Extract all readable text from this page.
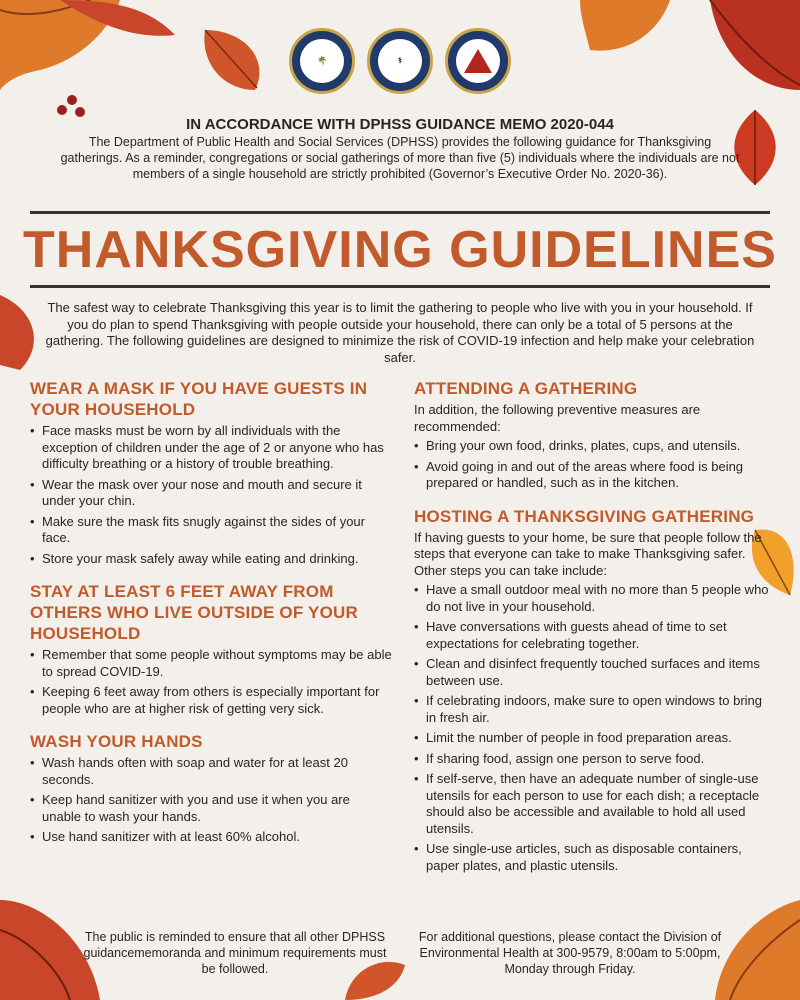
🌴	⚕
IN ACCORDANCE WITH DPHSS GUIDANCE MEMO 2020-044
The Department of Public Health and Social Services (DPHSS) provides the following guidance for Thanksgiving gatherings. As a reminder, congregations or social gatherings of more than five (5) individuals where the individuals are not members of a single household are strictly prohibited (Governor’s Executive Order No. 2020-36).
THANKSGIVING GUIDELINES
The safest way to celebrate Thanksgiving this year is to limit the gathering to people who live with you in your household. If you do plan to spend Thanksgiving with people outside your household, there can only be a total of 5 persons at the gathering. The following guidelines are designed to minimize the risk of COVID-19 infection and help make your celebration safer.
WEAR A MASK IF YOU HAVE GUESTS IN YOUR HOUSEHOLD
• Face masks must be worn by all individuals with the exception of children under the age of 2 or anyone who has difficulty breathing or a history of trouble breathing.
• Wear the mask over your nose and mouth and secure it under your chin.
• Make sure the mask fits snugly against the sides of your face.
• Store your mask safely away while eating and drinking.
STAY AT LEAST 6 FEET AWAY FROM OTHERS WHO LIVE OUTSIDE OF YOUR HOUSEHOLD
• Remember that some people without symptoms may be able to spread COVID-19.
• Keeping 6 feet away from others is especially important for people who are at higher risk of getting very sick.
WASH YOUR HANDS
• Wash hands often with soap and water for at least 20 seconds.
• Keep hand sanitizer with you and use it when you are unable to wash your hands.
• Use hand sanitizer with at least 60% alcohol.
ATTENDING A GATHERING
In addition, the following preventive measures are recommended:
• Bring your own food, drinks, plates, cups, and utensils.
• Avoid going in and out of the areas where food is being prepared or handled, such as in the kitchen.
HOSTING A THANKSGIVING GATHERING
If having guests to your home, be sure that people follow the steps that everyone can take to make Thanksgiving safer. Other steps you can take include:
• Have a small outdoor meal with no more than 5 people who do not live in your household.
• Have conversations with guests ahead of time to set expectations for celebrating together.
• Clean and disinfect frequently touched surfaces and items between use.
• If celebrating indoors, make sure to open windows to bring in fresh air.
• Limit the number of people in food preparation areas.
• If sharing food, assign one person to serve food.
• If self-serve, then have an adequate number of single-use utensils for each person to use for each dish; a receptacle should also be accessible and available to hold all used utensils.
• Use single-use articles, such as disposable containers, paper plates, and plastic utensils.
The public is reminded to ensure that all other DPHSS guidancememoranda and minimum requirements must be followed.
For additional questions, please contact the Division of Environmental Health at 300-9579, 8:00am to 5:00pm, Monday through Friday.
